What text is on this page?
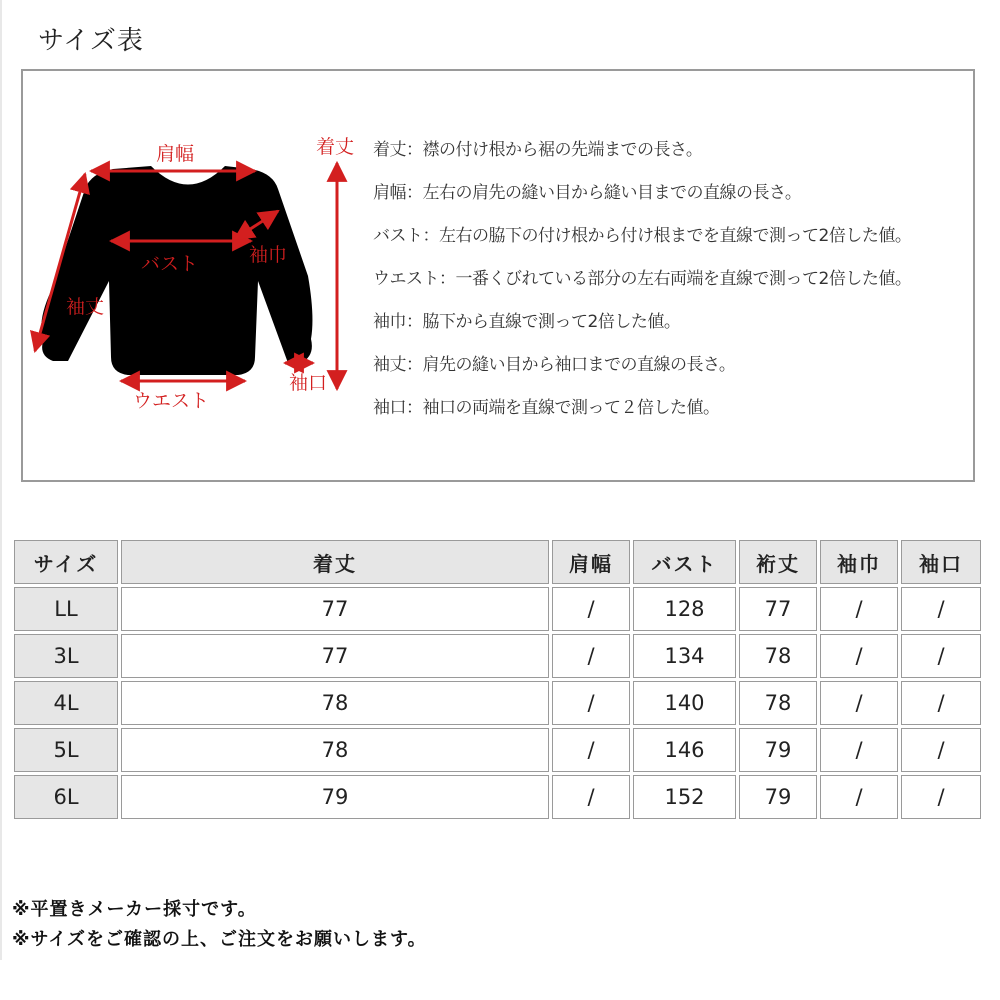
サイズ表
肩幅
バスト	袖巾
袖丈
ウエスト
袖口
着丈 着丈：襟の付け根から裾の先端までの長さ。
肩幅：左右の肩先の縫い目から縫い目までの直線の長さ。
バスト：左右の脇下の付け根から付け根までを直線で測って2倍した値。
ウエスト：一番くびれている部分の左右両端を直線で測って2倍した値。
袖巾：脇下から直線で測って2倍した値。
袖丈：肩先の縫い目から袖口までの直線の長さ。
袖口：袖口の両端を直線で測って２倍した値。
サイズ	着丈	肩幅	バスト	裄丈	袖巾	袖口
LL	77	/	128	77	/	/
3L	77	/	134	78	/	/
4L	78	/	140	78	/	/
5L	78	/	146	79	/	/
6L	79	/	152	79	/	/
※平置きメーカー採寸です。
※サイズをご確認の上、ご注文をお願いします。
